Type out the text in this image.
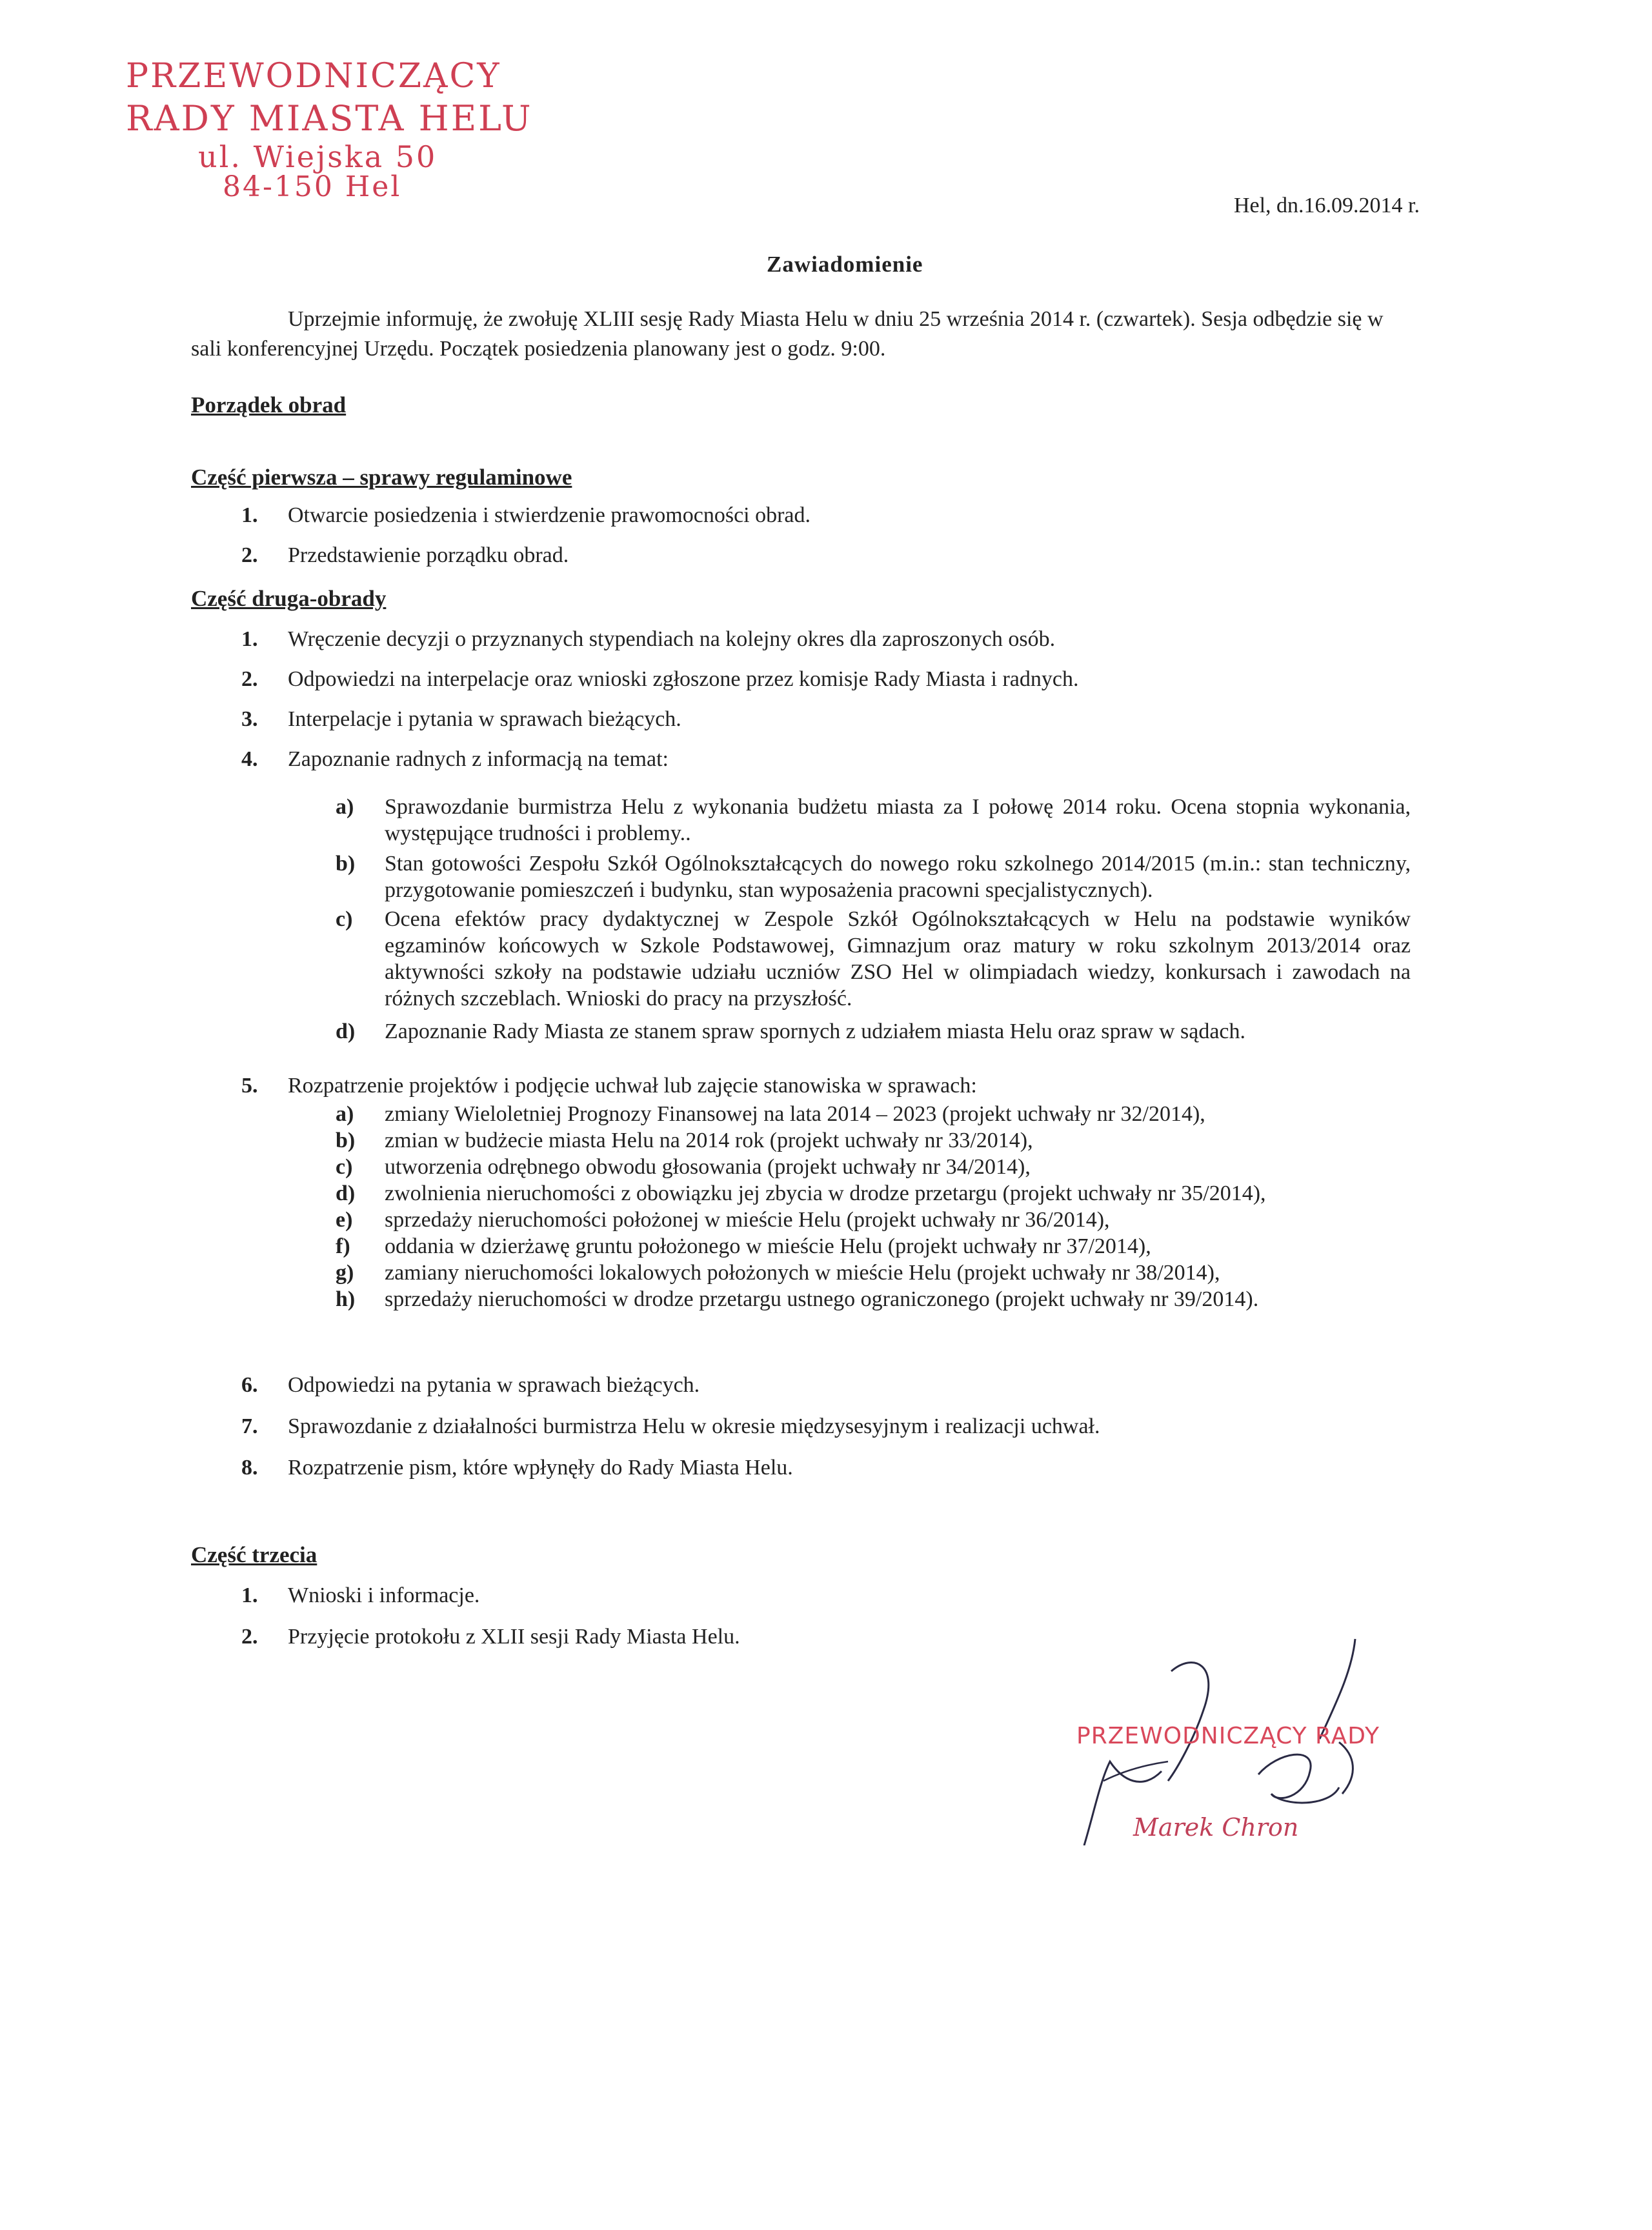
PRZEWODNICZĄCY
RADY MIASTA HELU
ul. Wiejska 50
84-150 Hel
Hel, dn.16.09.2014 r.
Zawiadomienie
Uprzejmie informuję, że zwołuję XLIII sesję Rady Miasta Helu w dniu 25 września 2014 r. (czwartek). Sesja odbędzie się w sali konferencyjnej Urzędu. Początek posiedzenia planowany jest o godz. 9:00.
Porządek obrad
Część pierwsza – sprawy regulaminowe
1. Otwarcie posiedzenia i stwierdzenie prawomocności obrad.
2. Przedstawienie porządku obrad.
Część druga-obrady
1. Wręczenie decyzji o przyznanych stypendiach na kolejny okres dla zaproszonych osób.
2. Odpowiedzi na interpelacje oraz wnioski zgłoszone przez komisje Rady Miasta i radnych.
3. Interpelacje i pytania w sprawach bieżących.
4. Zapoznanie radnych z informacją na temat:
a) Sprawozdanie burmistrza Helu z wykonania budżetu miasta za I połowę 2014 roku. Ocena stopnia wykonania, występujące trudności i problemy..
b) Stan gotowości Zespołu Szkół Ogólnokształcących do nowego roku szkolnego 2014/2015 (m.in.: stan techniczny, przygotowanie pomieszczeń i budynku, stan wyposażenia pracowni specjalistycznych).
c) Ocena efektów pracy dydaktycznej w Zespole Szkół Ogólnokształcących w Helu na podstawie wyników egzaminów końcowych w Szkole Podstawowej, Gimnazjum oraz matury w roku szkolnym 2013/2014 oraz aktywności szkoły na podstawie udziału uczniów ZSO Hel w olimpiadach wiedzy, konkursach i zawodach na różnych szczeblach. Wnioski do pracy na przyszłość.
d) Zapoznanie Rady Miasta ze stanem spraw spornych z udziałem miasta Helu oraz spraw w sądach.
5. Rozpatrzenie projektów i podjęcie uchwał lub zajęcie stanowiska w sprawach:
a) zmiany Wieloletniej Prognozy Finansowej na lata 2014 – 2023 (projekt uchwały nr 32/2014),
b) zmian w budżecie miasta Helu na 2014 rok (projekt uchwały nr 33/2014),
c) utworzenia odrębnego obwodu głosowania (projekt uchwały nr 34/2014),
d) zwolnienia nieruchomości z obowiązku jej zbycia w drodze przetargu (projekt uchwały nr 35/2014),
e) sprzedaży nieruchomości położonej w mieście Helu (projekt uchwały nr 36/2014),
f) oddania w dzierżawę gruntu położonego w mieście Helu (projekt uchwały nr 37/2014),
g) zamiany nieruchomości lokalowych położonych w mieście Helu (projekt uchwały nr 38/2014),
h) sprzedaży nieruchomości w drodze przetargu ustnego ograniczonego (projekt uchwały nr 39/2014).
6. Odpowiedzi na pytania w sprawach bieżących.
7. Sprawozdanie z działalności burmistrza Helu w okresie międzysesyjnym i realizacji uchwał.
8. Rozpatrzenie pism, które wpłynęły do Rady Miasta Helu.
Część trzecia
1. Wnioski i informacje.
2. Przyjęcie protokołu z XLII sesji Rady Miasta Helu.
PRZEWODNICZĄCY RADY
Marek Chron
